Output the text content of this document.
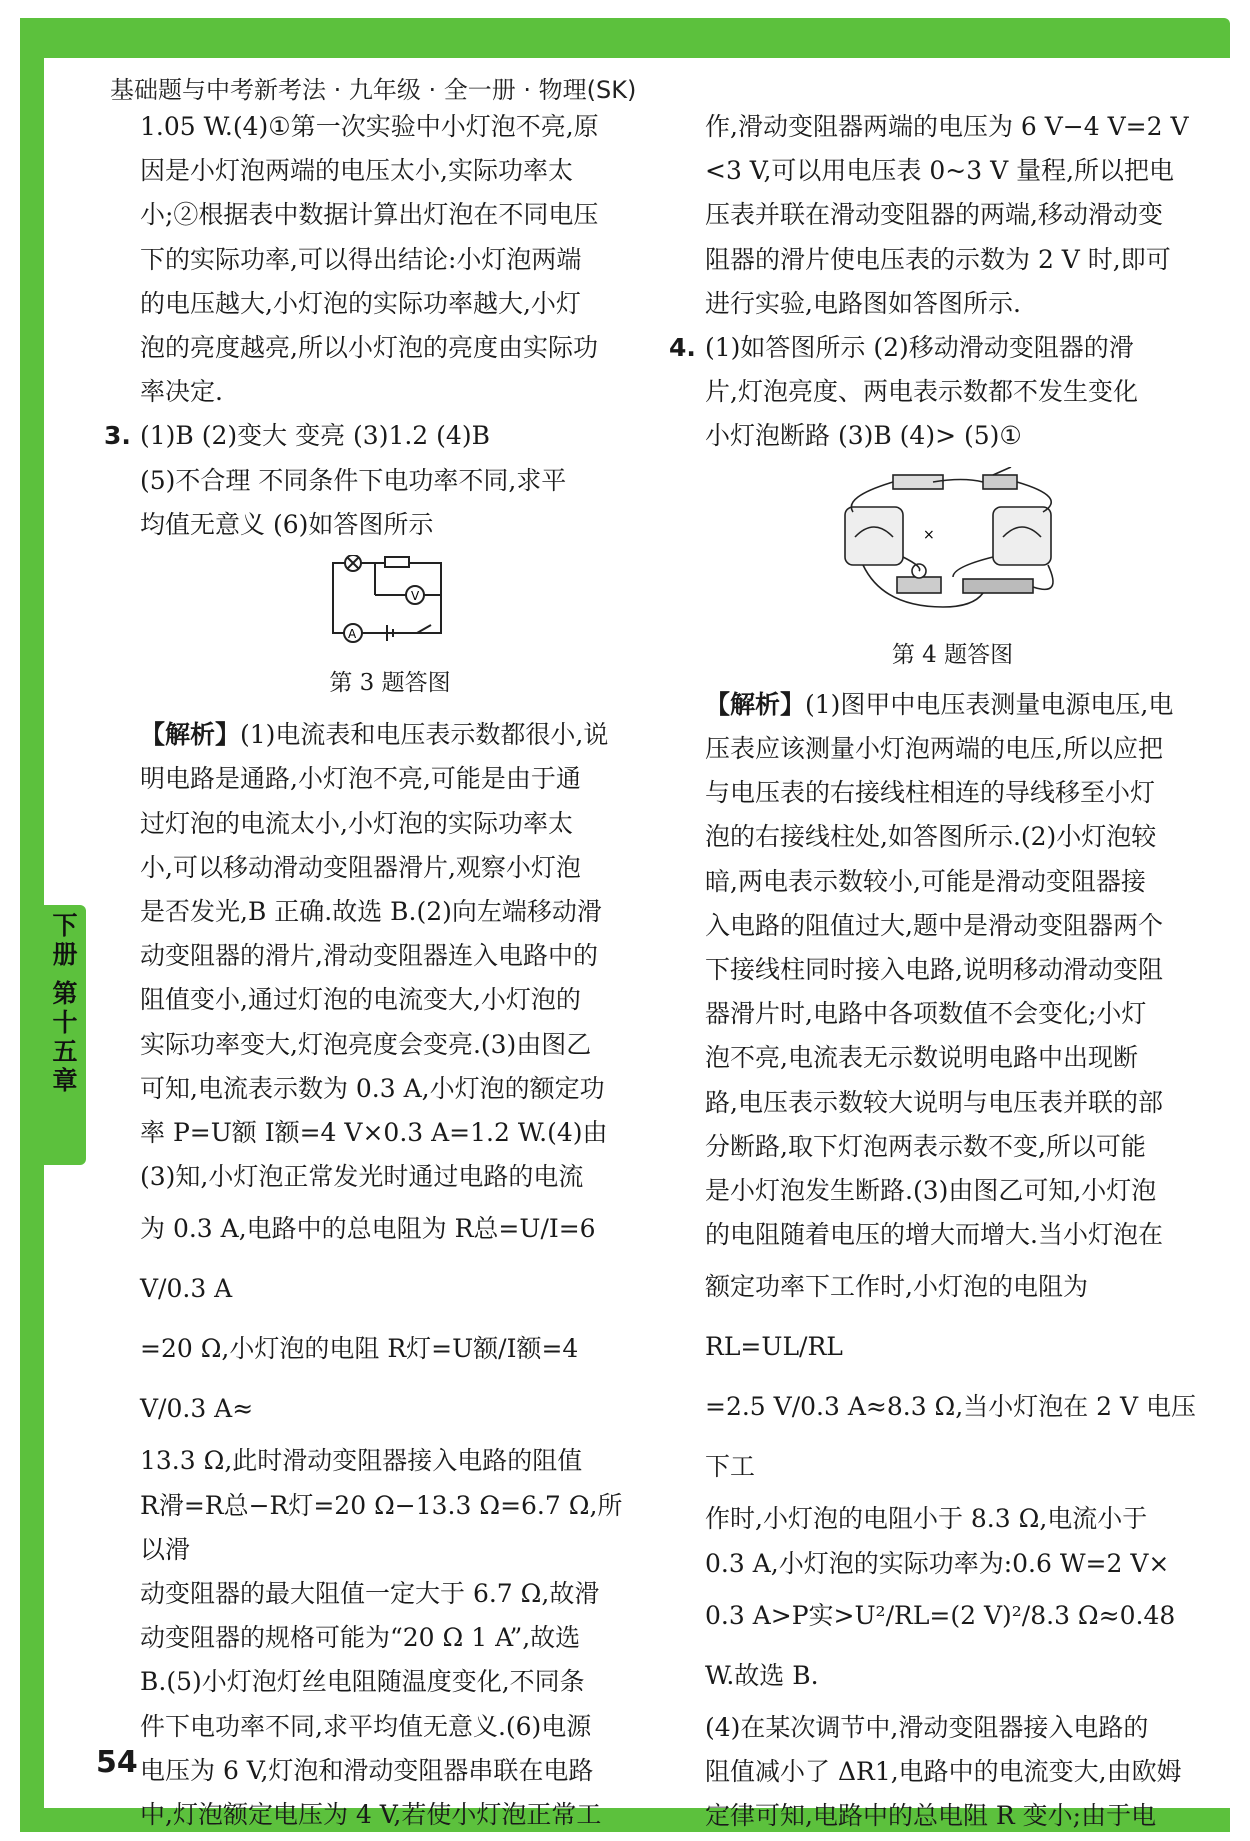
基础题与中考新考法 · 九年级 · 全一册 · 物理(SK)
下
册
第
十
五
章
54

1.05 W.(4)①第一次实验中小灯泡不亮,原

因是小灯泡两端的电压太小,实际功率太

小;②根据表中数据计算出灯泡在不同电压

下的实际功率,可以得出结论:小灯泡两端

的电压越大,小灯泡的实际功率越大,小灯

泡的亮度越亮,所以小灯泡的亮度由实际功

率决定.

3. (1)B (2)变大 变亮 (3)1.2 (4)B

(5)不合理 不同条件下电功率不同,求平

均值无意义 (6)如答图所示

V
A
第 3 题答图

【解析】(1)电流表和电压表示数都很小,说

明电路是通路,小灯泡不亮,可能是由于通

过灯泡的电流太小,小灯泡的实际功率太

小,可以移动滑动变阻器滑片,观察小灯泡

是否发光,B 正确.故选 B.(2)向左端移动滑

动变阻器的滑片,滑动变阻器连入电路中的

阻值变小,通过灯泡的电流变大,小灯泡的

实际功率变大,灯泡亮度会变亮.(3)由图乙

可知,电流表示数为 0.3 A,小灯泡的额定功

率 P=U额 I额=4 V×0.3 A=1.2 W.(4)由

(3)知,小灯泡正常发光时通过电路的电流

为 0.3 A,电路中的总电阻为 R总=U/I=6 V/0.3 A

=20 Ω,小灯泡的电阻 R灯=U额/I额=4 V/0.3 A≈

13.3 Ω,此时滑动变阻器接入电路的阻值

R滑=R总−R灯=20 Ω−13.3 Ω=6.7 Ω,所以滑

动变阻器的最大阻值一定大于 6.7 Ω,故滑

动变阻器的规格可能为“20 Ω 1 A”,故选

B.(5)小灯泡灯丝电阻随温度变化,不同条

件下电功率不同,求平均值无意义.(6)电源

电压为 6 V,灯泡和滑动变阻器串联在电路

中,灯泡额定电压为 4 V,若使小灯泡正常工

作,滑动变阻器两端的电压为 6 V−4 V=2 V

<3 V,可以用电压表 0~3 V 量程,所以把电

压表并联在滑动变阻器的两端,移动滑动变

阻器的滑片使电压表的示数为 2 V 时,即可

进行实验,电路图如答图所示.

4. (1)如答图所示 (2)移动滑动变阻器的滑

片,灯泡亮度、两电表示数都不发生变化

小灯泡断路 (3)B (4)> (5)①

×
第 4 题答图

【解析】(1)图甲中电压表测量电源电压,电

压表应该测量小灯泡两端的电压,所以应把

与电压表的右接线柱相连的导线移至小灯

泡的右接线柱处,如答图所示.(2)小灯泡较

暗,两电表示数较小,可能是滑动变阻器接

入电路的阻值过大,题中是滑动变阻器两个

下接线柱同时接入电路,说明移动滑动变阻

器滑片时,电路中各项数值不会变化;小灯

泡不亮,电流表无示数说明电路中出现断

路,电压表示数较大说明与电压表并联的部

分断路,取下灯泡两表示数不变,所以可能

是小灯泡发生断路.(3)由图乙可知,小灯泡

的电阻随着电压的增大而增大.当小灯泡在

额定功率下工作时,小灯泡的电阻为 RL=UL/RL

=2.5 V/0.3 A≈8.3 Ω,当小灯泡在 2 V 电压下工

作时,小灯泡的电阻小于 8.3 Ω,电流小于

0.3 A,小灯泡的实际功率为:0.6 W=2 V×

0.3 A>P实>U²/RL=(2 V)²/8.3 Ω≈0.48 W.故选 B.

(4)在某次调节中,滑动变阻器接入电路的

阻值减小了 ΔR1,电路中的电流变大,由欧姆

定律可知,电路中的总电阻 R 变小;由于电
